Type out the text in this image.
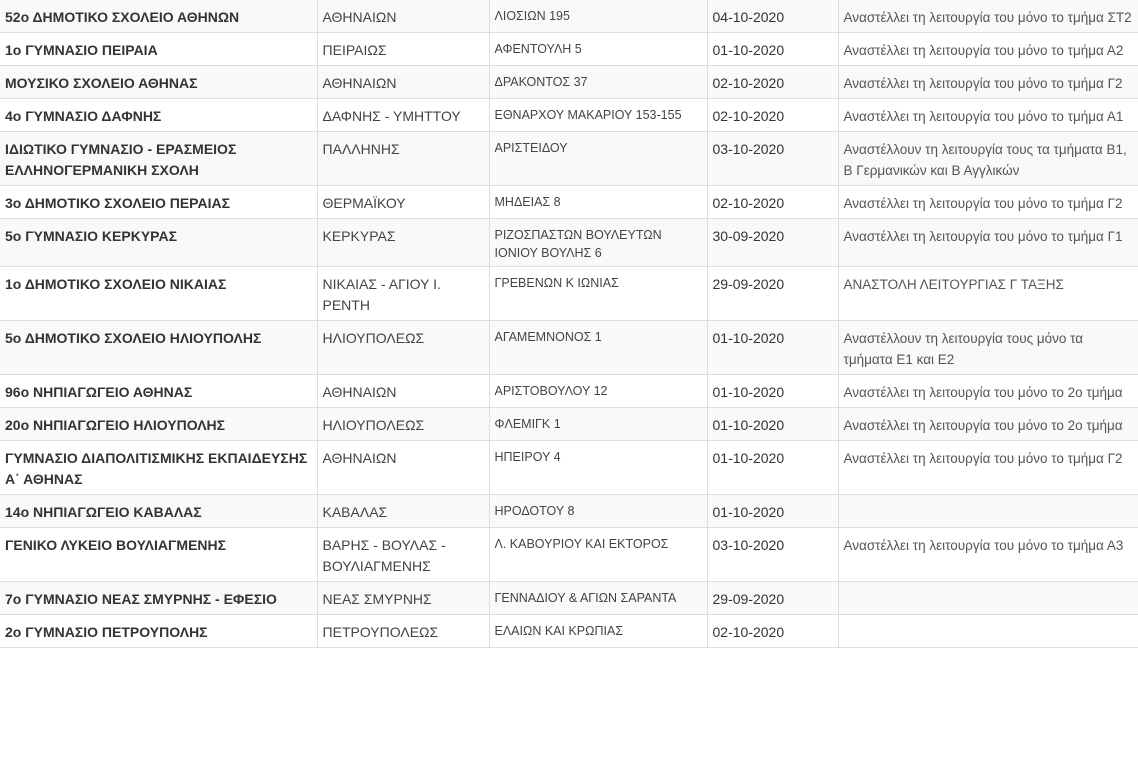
52ο ΔΗΜΟΤΙΚΟ ΣΧΟΛΕΙΟ ΑΘΗΝΩΝ	ΑΘΗΝΑΙΩΝ	ΛΙΟΣΙΩΝ 195	04-10-2020	Αναστέλλει τη λειτουργία του μόνο το τμήμα ΣΤ2
1ο ΓΥΜΝΑΣΙΟ ΠΕΙΡΑΙΑ	ΠΕΙΡΑΙΩΣ	ΑΦΕΝΤΟΥΛΗ 5	01-10-2020	Αναστέλλει τη λειτουργία του μόνο το τμήμα Α2
ΜΟΥΣΙΚΟ ΣΧΟΛΕΙΟ ΑΘΗΝΑΣ	ΑΘΗΝΑΙΩΝ	ΔΡΑΚΟΝΤΟΣ 37	02-10-2020	Αναστέλλει τη λειτουργία του μόνο το τμήμα Γ2
4ο ΓΥΜΝΑΣΙΟ ΔΑΦΝΗΣ	ΔΑΦΝΗΣ - ΥΜΗΤΤΟΥ	ΕΘΝΑΡΧΟΥ ΜΑΚΑΡΙΟΥ 153-155	02-10-2020	Αναστέλλει τη λειτουργία του μόνο το τμήμα Α1
ΙΔΙΩΤΙΚΟ ΓΥΜΝΑΣΙΟ - ΕΡΑΣΜΕΙΟΣ ΕΛΛΗΝΟΓΕΡΜΑΝΙΚΗ ΣΧΟΛΗ	ΠΑΛΛΗΝΗΣ	ΑΡΙΣΤΕΙΔΟΥ	03-10-2020	Αναστέλλουν τη λειτουργία τους τα τμήματα Β1, Β Γερμανικών και Β Αγγλικών
3ο ΔΗΜΟΤΙΚΟ ΣΧΟΛΕΙΟ ΠΕΡΑΙΑΣ	ΘΕΡΜΑΪΚΟΥ	ΜΗΔΕΙΑΣ 8	02-10-2020	Αναστέλλει τη λειτουργία του μόνο το τμήμα Γ2
5ο ΓΥΜΝΑΣΙΟ ΚΕΡΚΥΡΑΣ	ΚΕΡΚΥΡΑΣ	ΡΙΖΟΣΠΑΣΤΩΝ ΒΟΥΛΕΥΤΩΝ ΙΟΝΙΟΥ ΒΟΥΛΗΣ 6	30-09-2020	Αναστέλλει τη λειτουργία του μόνο το τμήμα Γ1
1ο ΔΗΜΟΤΙΚΟ ΣΧΟΛΕΙΟ ΝΙΚΑΙΑΣ	ΝΙΚΑΙΑΣ - ΑΓΙΟΥ Ι. ΡΕΝΤΗ	ΓΡΕΒΕΝΩΝ Κ ΙΩΝΙΑΣ	29-09-2020	ΑΝΑΣΤΟΛΗ ΛΕΙΤΟΥΡΓΙΑΣ Γ ΤΑΞΗΣ
5ο ΔΗΜΟΤΙΚΟ ΣΧΟΛΕΙΟ ΗΛΙΟΥΠΟΛΗΣ	ΗΛΙΟΥΠΟΛΕΩΣ	ΑΓΑΜΕΜΝΟΝΟΣ 1	01-10-2020	Αναστέλλουν τη λειτουργία τους μόνο τα τμήματα Ε1 και Ε2
96ο ΝΗΠΙΑΓΩΓΕΙΟ ΑΘΗΝΑΣ	ΑΘΗΝΑΙΩΝ	ΑΡΙΣΤΟΒΟΥΛΟΥ 12	01-10-2020	Αναστέλλει τη λειτουργία του μόνο το 2ο τμήμα
20ο ΝΗΠΙΑΓΩΓΕΙΟ ΗΛΙΟΥΠΟΛΗΣ	ΗΛΙΟΥΠΟΛΕΩΣ	ΦΛΕΜΙΓΚ 1	01-10-2020	Αναστέλλει τη λειτουργία του μόνο το 2ο τμήμα
ΓΥΜΝΑΣΙΟ ΔΙΑΠΟΛΙΤΙΣΜΙΚΗΣ ΕΚΠΑΙΔΕΥΣΗΣ Α΄ ΑΘΗΝΑΣ	ΑΘΗΝΑΙΩΝ	ΗΠΕΙΡΟΥ 4	01-10-2020	Αναστέλλει τη λειτουργία του μόνο το τμήμα Γ2
14ο ΝΗΠΙΑΓΩΓΕΙΟ ΚΑΒΑΛΑΣ	ΚΑΒΑΛΑΣ	ΗΡΟΔΟΤΟΥ 8	01-10-2020	
ΓΕΝΙΚΟ ΛΥΚΕΙΟ ΒΟΥΛΙΑΓΜΕΝΗΣ	ΒΑΡΗΣ - ΒΟΥΛΑΣ - ΒΟΥΛΙΑΓΜΕΝΗΣ	Λ. ΚΑΒΟΥΡΙΟΥ ΚΑΙ ΕΚΤΟΡΟΣ	03-10-2020	Αναστέλλει τη λειτουργία του μόνο το τμήμα Α3
7ο ΓΥΜΝΑΣΙΟ ΝΕΑΣ ΣΜΥΡΝΗΣ - ΕΦΕΣΙΟ	ΝΕΑΣ ΣΜΥΡΝΗΣ	ΓΕΝΝΑΔΙΟΥ & ΑΓΙΩΝ ΣΑΡΑΝΤΑ	29-09-2020	
2ο ΓΥΜΝΑΣΙΟ ΠΕΤΡΟΥΠΟΛΗΣ	ΠΕΤΡΟΥΠΟΛΕΩΣ	ΕΛΑΙΩΝ ΚΑΙ ΚΡΩΠΙΑΣ	02-10-2020	
